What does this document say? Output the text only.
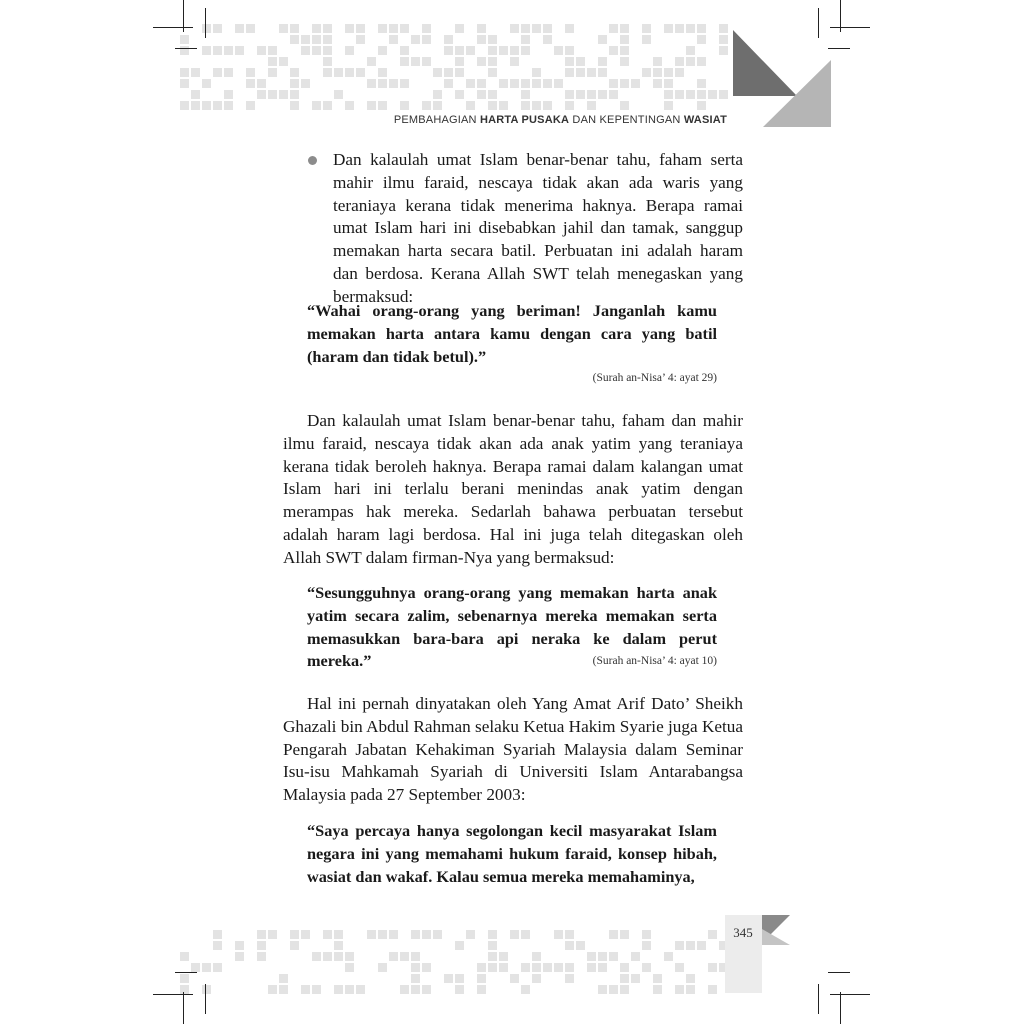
PEMBAHAGIAN HARTA PUSAKA DAN KEPENTINGAN WASIAT
Dan kalaulah umat Islam benar-benar tahu, faham serta mahir ilmu faraid, nescaya tidak akan ada waris yang teraniaya kerana tidak menerima haknya. Berapa ramai umat Islam hari ini disebabkan jahil dan tamak, sanggup memakan harta secara batil. Perbuatan ini adalah haram dan berdosa. Kerana Allah SWT telah menegaskan yang bermaksud:
“Wahai orang-orang yang beriman! Janganlah kamu memakan harta antara kamu dengan cara yang batil (haram dan tidak betul).”
(Surah an-Nisa’ 4: ayat 29)
Dan kalaulah umat Islam benar-benar tahu, faham dan mahir ilmu faraid, nescaya tidak akan ada anak yatim yang teraniaya kerana tidak beroleh haknya. Berapa ramai dalam kalangan umat Islam hari ini terlalu berani menindas anak yatim dengan merampas hak mereka. Sedarlah bahawa perbuatan tersebut adalah haram lagi berdosa. Hal ini juga telah ditegaskan oleh Allah SWT dalam firman-Nya yang bermaksud:
“Sesungguhnya orang-orang yang memakan harta anak yatim secara zalim, sebenarnya mereka memakan serta memasukkan bara-bara api neraka ke dalam perut mereka.”	(Surah an-Nisa’ 4: ayat 10)
Hal ini pernah dinyatakan oleh Yang Amat Arif Dato’ Sheikh Ghazali bin Abdul Rahman selaku Ketua Hakim Syarie juga Ketua Pengarah Jabatan Kehakiman Syariah Malaysia dalam Seminar Isu-isu Mahkamah Syariah di Universiti Islam Antarabangsa Malaysia pada 27 September 2003:
“Saya percaya hanya segolongan kecil masyarakat Islam negara ini yang memahami hukum faraid, konsep hibah, wasiat dan wakaf. Kalau semua mereka memahaminya,
345
